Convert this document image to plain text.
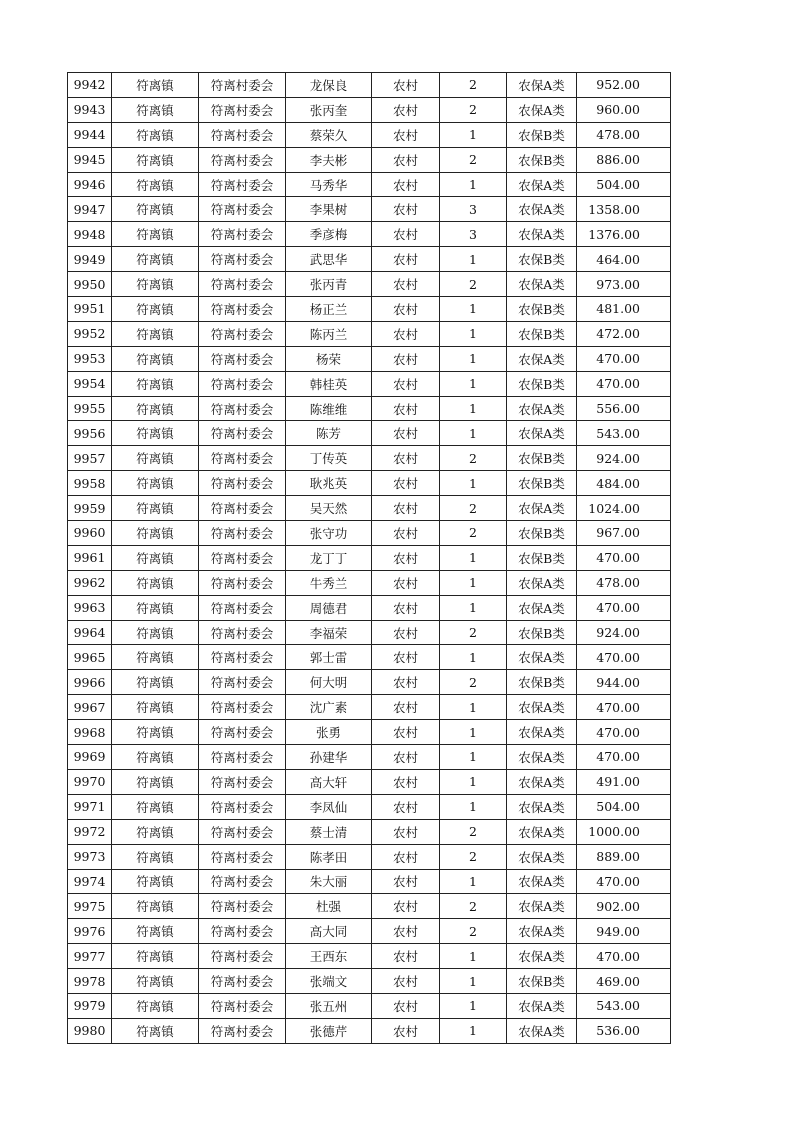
9942	符离镇	符离村委会	龙保良	农村	2	农保A类	952.00
9943	符离镇	符离村委会	张丙奎	农村	2	农保A类	960.00
9944	符离镇	符离村委会	蔡荣久	农村	1	农保B类	478.00
9945	符离镇	符离村委会	李夫彬	农村	2	农保B类	886.00
9946	符离镇	符离村委会	马秀华	农村	1	农保A类	504.00
9947	符离镇	符离村委会	李果树	农村	3	农保A类	1358.00
9948	符离镇	符离村委会	季彦梅	农村	3	农保A类	1376.00
9949	符离镇	符离村委会	武思华	农村	1	农保B类	464.00
9950	符离镇	符离村委会	张丙青	农村	2	农保A类	973.00
9951	符离镇	符离村委会	杨正兰	农村	1	农保B类	481.00
9952	符离镇	符离村委会	陈丙兰	农村	1	农保B类	472.00
9953	符离镇	符离村委会	杨荣	农村	1	农保A类	470.00
9954	符离镇	符离村委会	韩桂英	农村	1	农保B类	470.00
9955	符离镇	符离村委会	陈维维	农村	1	农保A类	556.00
9956	符离镇	符离村委会	陈芳	农村	1	农保A类	543.00
9957	符离镇	符离村委会	丁传英	农村	2	农保B类	924.00
9958	符离镇	符离村委会	耿兆英	农村	1	农保B类	484.00
9959	符离镇	符离村委会	吴天然	农村	2	农保A类	1024.00
9960	符离镇	符离村委会	张守功	农村	2	农保B类	967.00
9961	符离镇	符离村委会	龙丁丁	农村	1	农保B类	470.00
9962	符离镇	符离村委会	牛秀兰	农村	1	农保A类	478.00
9963	符离镇	符离村委会	周德君	农村	1	农保A类	470.00
9964	符离镇	符离村委会	李福荣	农村	2	农保B类	924.00
9965	符离镇	符离村委会	郭士雷	农村	1	农保A类	470.00
9966	符离镇	符离村委会	何大明	农村	2	农保B类	944.00
9967	符离镇	符离村委会	沈广素	农村	1	农保A类	470.00
9968	符离镇	符离村委会	张勇	农村	1	农保A类	470.00
9969	符离镇	符离村委会	孙建华	农村	1	农保A类	470.00
9970	符离镇	符离村委会	高大轩	农村	1	农保A类	491.00
9971	符离镇	符离村委会	李凤仙	农村	1	农保A类	504.00
9972	符离镇	符离村委会	蔡士清	农村	2	农保A类	1000.00
9973	符离镇	符离村委会	陈孝田	农村	2	农保A类	889.00
9974	符离镇	符离村委会	朱大丽	农村	1	农保A类	470.00
9975	符离镇	符离村委会	杜强	农村	2	农保A类	902.00
9976	符离镇	符离村委会	高大同	农村	2	农保A类	949.00
9977	符离镇	符离村委会	王西东	农村	1	农保A类	470.00
9978	符离镇	符离村委会	张端文	农村	1	农保B类	469.00
9979	符离镇	符离村委会	张五州	农村	1	农保A类	543.00
9980	符离镇	符离村委会	张德芹	农村	1	农保A类	536.00
